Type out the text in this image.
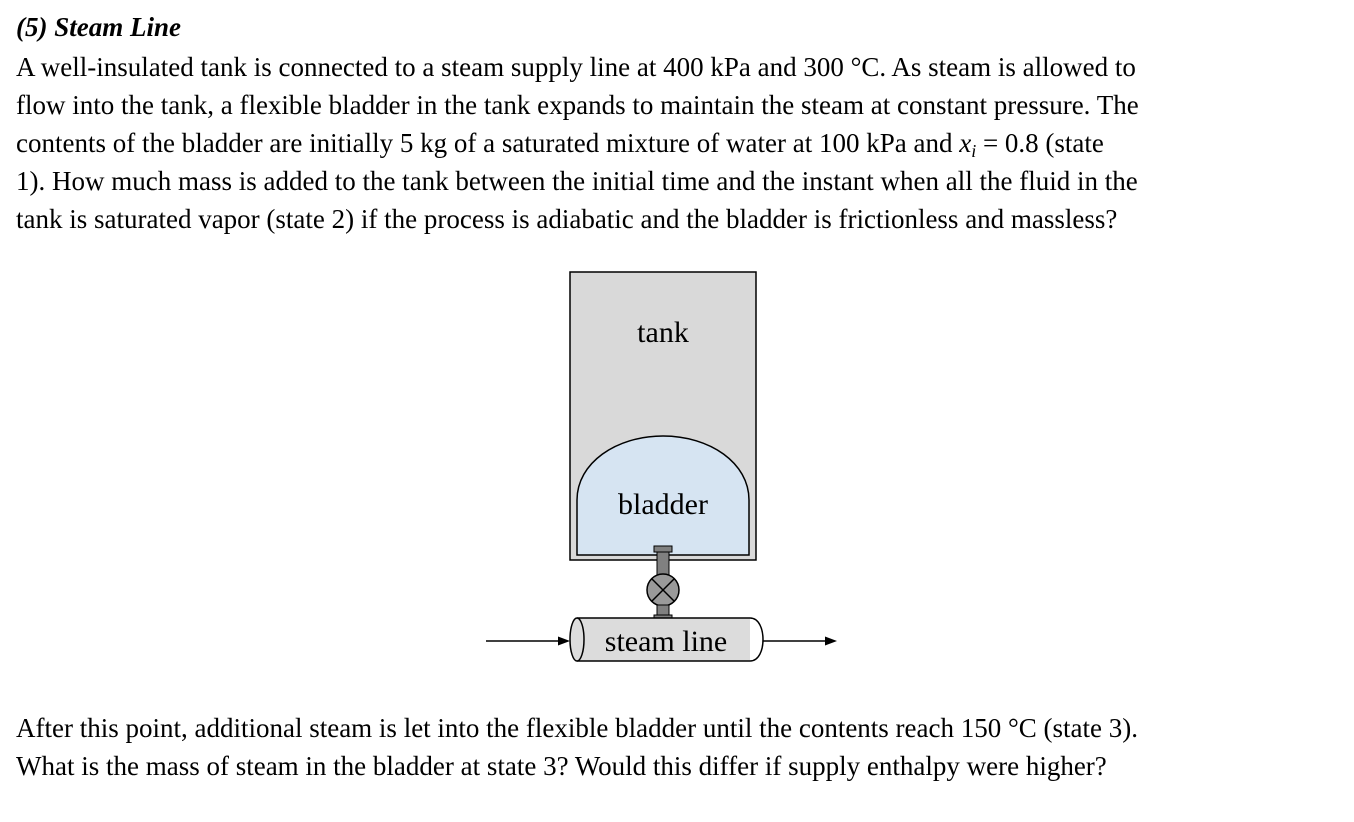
(5) Steam Line
A well-insulated tank is connected to a steam supply line at 400 kPa and 300 °C. As steam is allowed to
flow into the tank, a flexible bladder in the tank expands to maintain the steam at constant pressure. The
contents of the bladder are initially 5 kg of a saturated mixture of water at 100 kPa and $x_i = 0.8$ (state
1). How much mass is added to the tank between the initial time and the instant when all the fluid in the
tank is saturated vapor (state 2) if the process is adiabatic and the bladder is frictionless and massless?
tank
bladder
steam line
After this point, additional steam is let into the flexible bladder until the contents reach 150 °C (state 3).
What is the mass of steam in the bladder at state 3? Would this differ if supply enthalpy were higher?
